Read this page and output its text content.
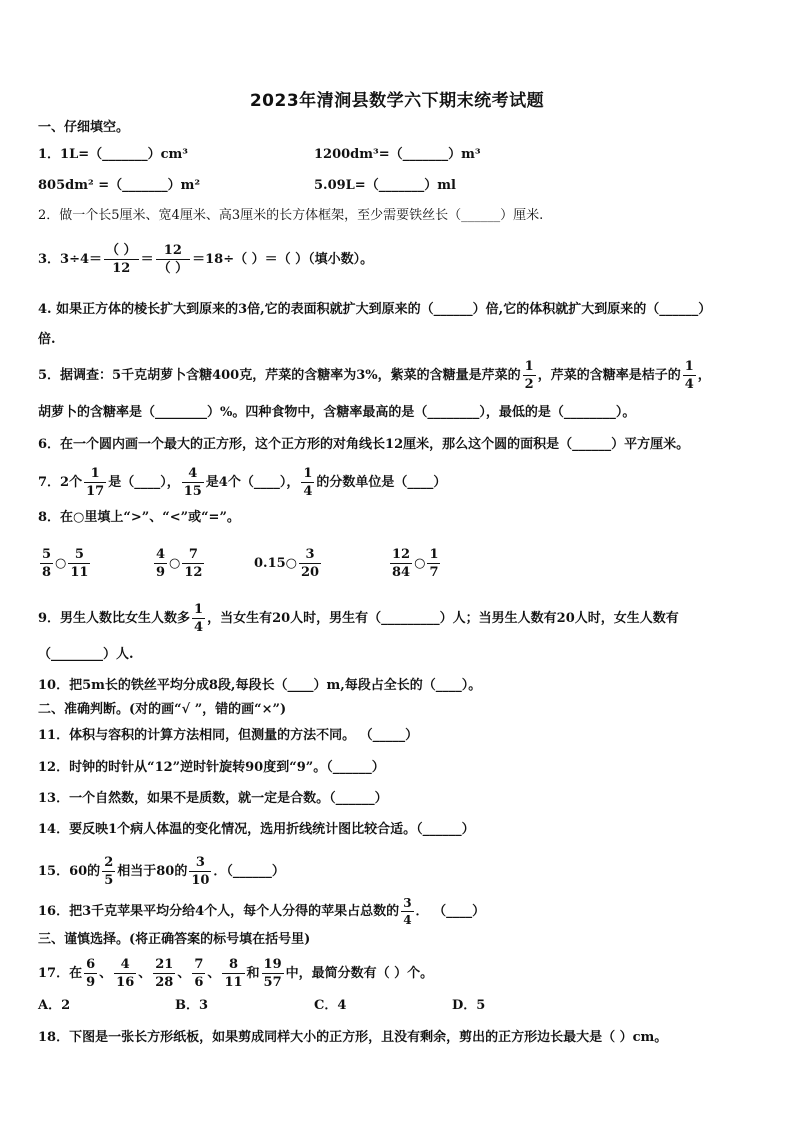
2023年清涧县数学六下期末统考试题
一、仔细填空。
1． 1L=（_______）cm³	1200dm³=（_______）m³
805dm² =（_______）m²	5.09L=（_______）ml
2．做一个长5厘米、宽4厘米、高3厘米的长方体框架，至少需要铁丝长（______）厘米.
3．$3\div 4= \frac{( )}{12} = \frac{12}{( )} =18\div$（ ）＝（ ）（填小数）。
4. 如果正方体的棱长扩大到原来的3倍,它的表面积就扩大到原来的（______）倍,它的体积就扩大到原来的（______）
倍.
5．据调查：5千克胡萝卜含糖400克，芹菜的含糖率为3%，紫菜的含糖量是芹菜的 $\frac{1}{2}$ ，芹菜的含糖率是桔子的 $\frac{1}{4}$ ，
胡萝卜的含糖率是（________）%。四种食物中，含糖率最高的是（________），最低的是（________）。
6．在一个圆内画一个最大的正方形，这个正方形的对角线长12厘米，那么这个圆的面积是（______）平方厘米。
7．2个 $\frac{1}{17}$ 是（____）， $\frac{4}{15}$ 是4个（____）， $\frac{1}{4}$ 的分数单位是（____）
8．在○里填上“>”、“<”或“=”。
$\frac{5}{8}$ ○ $\frac{5}{11}$	$\frac{4}{9}$ ○ $\frac{7}{12}$	0.15 ○ $\frac{3}{20}$	$\frac{12}{84}$ ○ $\frac{1}{7}$
9．男生人数比女生人数多 $\frac{1}{4}$ ，当女生有20人时，男生有（_________）人；当男生人数有20人时，女生人数有
（________）人.
10．把5m长的铁丝平均分成8段,每段长（____）m,每段占全长的（____）。
二、准确判断。(对的画“√ ”，错的画“×”)
11．体积与容积的计算方法相同，但测量的方法不同。 （_____）
12．时钟的时针从“12”逆时针旋转90度到“9”。（______）
13．一个自然数，如果不是质数，就一定是合数。（______）
14．要反映1个病人体温的变化情况，选用折线统计图比较合适。（______）
15．60的 $\frac{2}{5}$ 相当于80的 $\frac{3}{10}$ ．（______）
16．把3千克苹果平均分给4个人，每个人分得的苹果占总数的 $\frac{3}{4}$ ． （____）
三、谨慎选择。(将正确答案的标号填在括号里)
17．在 $\frac{6}{9}$ 、 $\frac{4}{16}$ 、 $\frac{21}{28}$ 、 $\frac{7}{6}$ 、 $\frac{8}{11}$ 和 $\frac{19}{57}$ 中，最简分数有（ ）个。
A．2	B．3	C．4	D．5
18．下图是一张长方形纸板，如果剪成同样大小的正方形，且没有剩余，剪出的正方形边长最大是（ ）cm。
